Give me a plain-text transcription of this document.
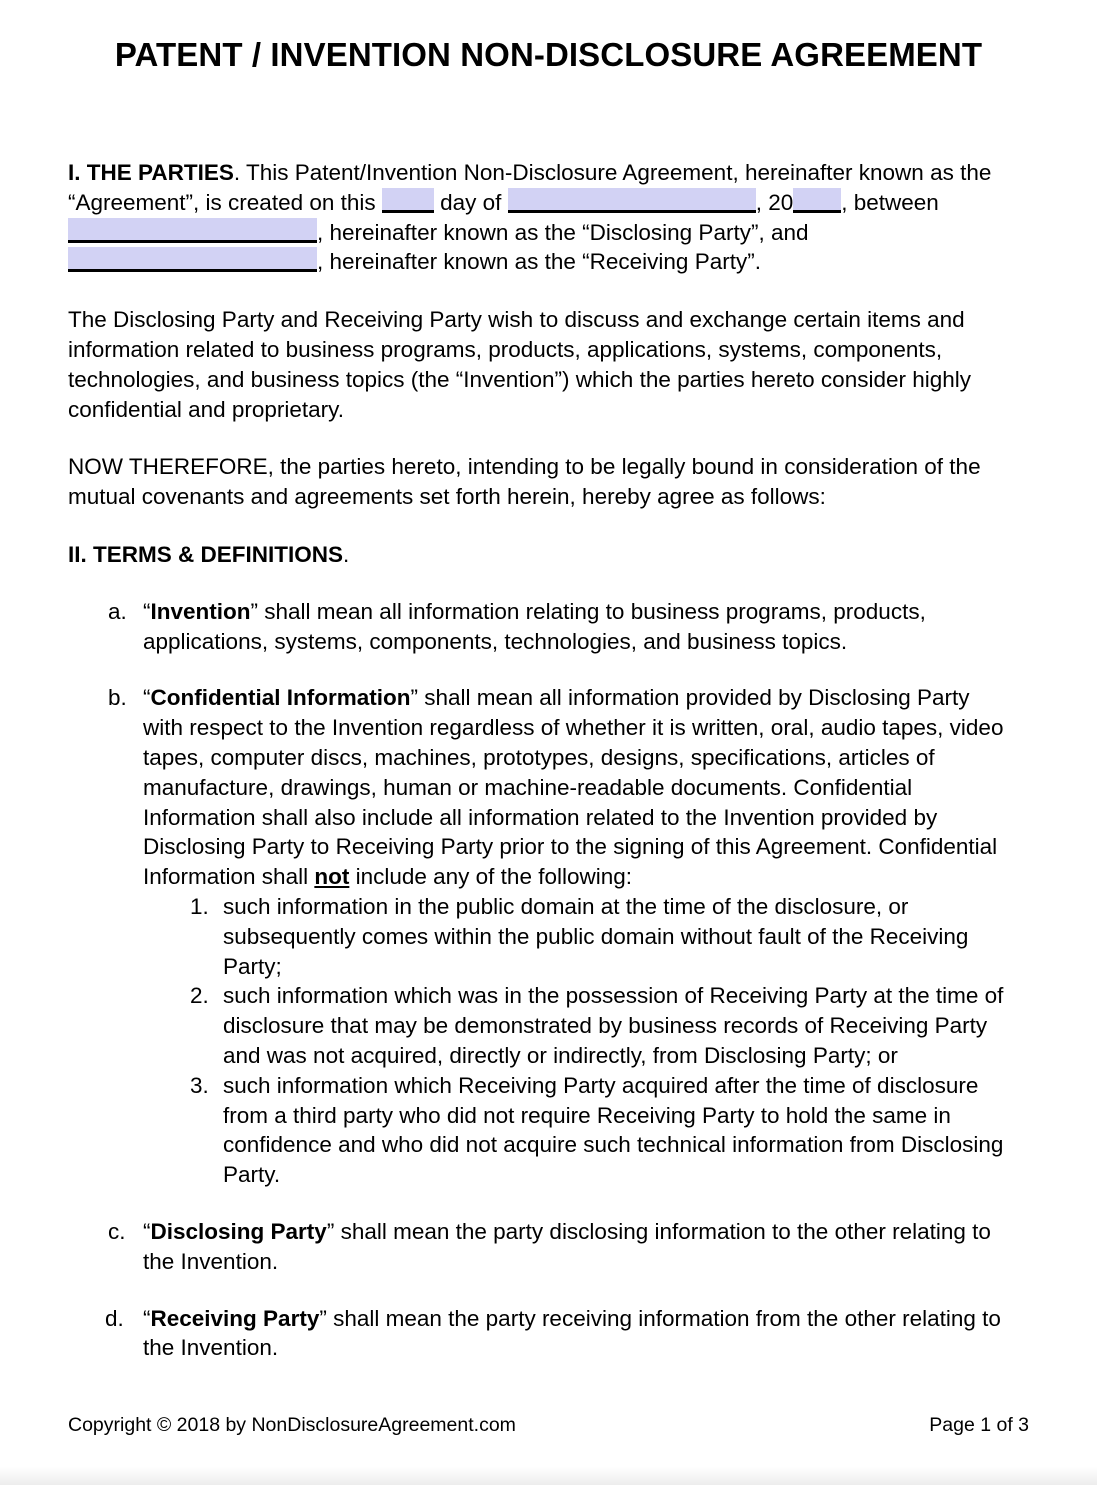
PATENT / INVENTION NON-DISCLOSURE AGREEMENT

I. THE PARTIES. This Patent/Invention Non-Disclosure Agreement, hereinafter known as the “Agreement”, is created on this  day of	, 20 , between , hereinafter known as the “Disclosing Party”, and , hereinafter known as the “Receiving Party”.

The Disclosing Party and Receiving Party wish to discuss and exchange certain items and information related to business programs, products, applications, systems, components, technologies, and business topics (the “Invention”) which the parties hereto consider highly confidential and proprietary.

NOW THEREFORE, the parties hereto, intending to be legally bound in consideration of the mutual covenants and agreements set forth herein, hereby agree as follows:

II. TERMS & DEFINITIONS.
a. “Invention” shall mean all information relating to business programs, products, applications, systems, components, technologies, and business topics.
b. “Confidential Information” shall mean all information provided by Disclosing Party with respect to the Invention regardless of whether it is written, oral, audio tapes, video tapes, computer discs, machines, prototypes, designs, specifications, articles of manufacture, drawings, human or machine-readable documents. Confidential Information shall also include all information related to the Invention provided by Disclosing Party to Receiving Party prior to the signing of this Agreement. Confidential Information shall not include any of the following:
1. such information in the public domain at the time of the disclosure, or subsequently comes within the public domain without fault of the Receiving Party;
2. such information which was in the possession of Receiving Party at the time of disclosure that may be demonstrated by business records of Receiving Party and was not acquired, directly or indirectly, from Disclosing Party; or
3. such information which Receiving Party acquired after the time of disclosure from a third party who did not require Receiving Party to hold the same in confidence and who did not acquire such technical information from Disclosing Party.
c. “Disclosing Party” shall mean the party disclosing information to the other relating to the Invention.
d. “Receiving Party” shall mean the party receiving information from the other relating to the Invention.
Copyright © 2018 by NonDisclosureAgreement.com	Page 1 of 3
